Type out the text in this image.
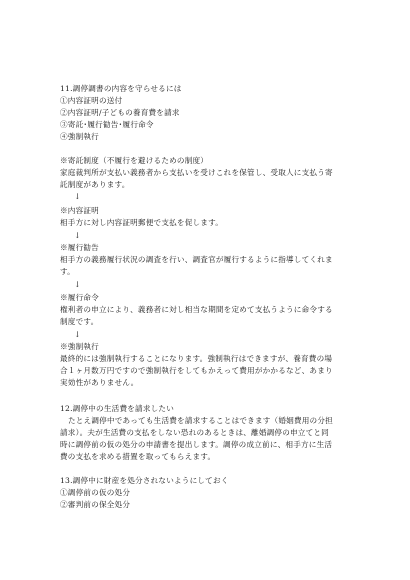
11.調停調書の内容を守らせるには
①内容証明の送付
②内容証明/子どもの養育費を請求
③寄託･履行勧告･履行命令
④強制執行
※寄託制度（不履行を避けるための制度）
家庭裁判所が支払い義務者から支払いを受けこれを保管し、受取人に支払う寄
託制度があります。
↓
※内容証明
相手方に対し内容証明郵便で支払を促します。
↓
※履行勧告
相手方の義務履行状況の調査を行い、調査官が履行するように指導してくれま
す。
↓
※履行命令
権利者の申立により、義務者に対し相当な期間を定めて支払うように命令する
制度です。
↓
※強制執行
最終的には強制執行することになります。強制執行はできますが、養育費の場
合１ヶ月数万円ですので強制執行をしてもかえって費用がかかるなど、あまり
実効性がありません。
12.調停中の生活費を請求したい
たとえ調停中であっても生活費を請求することはできます（婚姻費用の分担
請求）。夫が生活費の支払をしない恐れのあるときは、離婚調停の申立てと同
時に調停前の仮の処分の申請書を提出します。調停の成立前に、相手方に生活
費の支払を求める措置を取ってもらえます。
13.調停中に財産を処分されないようにしておく
①調停前の仮の処分
②審判前の保全処分
